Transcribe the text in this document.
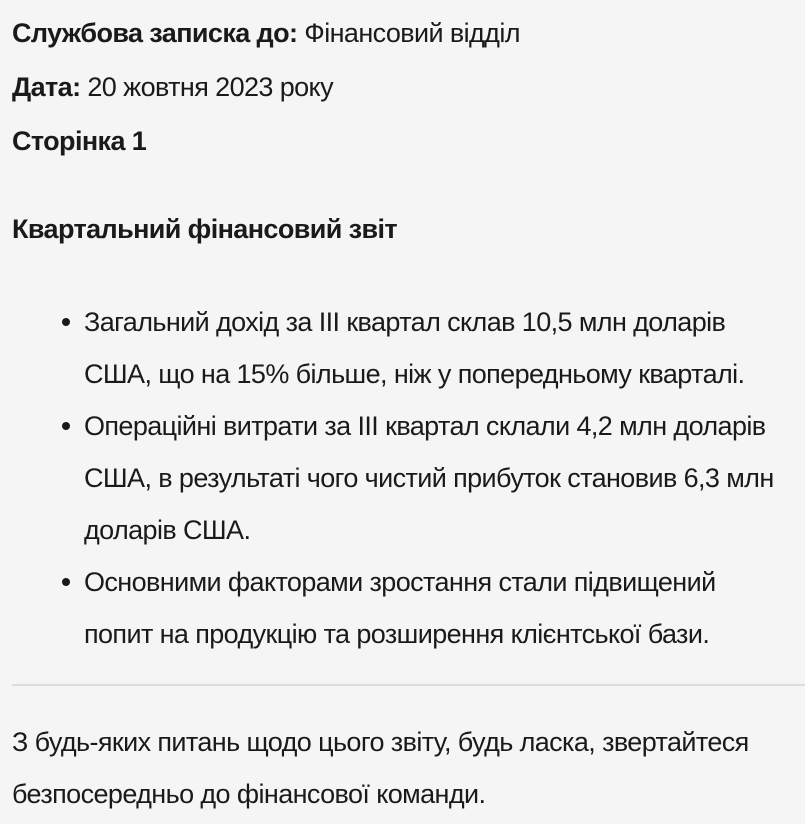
Службова записка до: Фінансовий відділ
Дата: 20 жовтня 2023 року
Сторінка 1
Квартальний фінансовий звіт
Загальний дохід за III квартал склав 10,5 млн доларів США, що на 15% більше, ніж у попередньому кварталі.
Операційні витрати за III квартал склали 4,2 млн доларів США, в результаті чого чистий прибуток становив 6,3 млн доларів США.
Основними факторами зростання стали підвищений попит на продукцію та розширення клієнтської бази.
З будь-яких питань щодо цього звіту, будь ласка, звертайтеся безпосередньо до фінансової команди.
